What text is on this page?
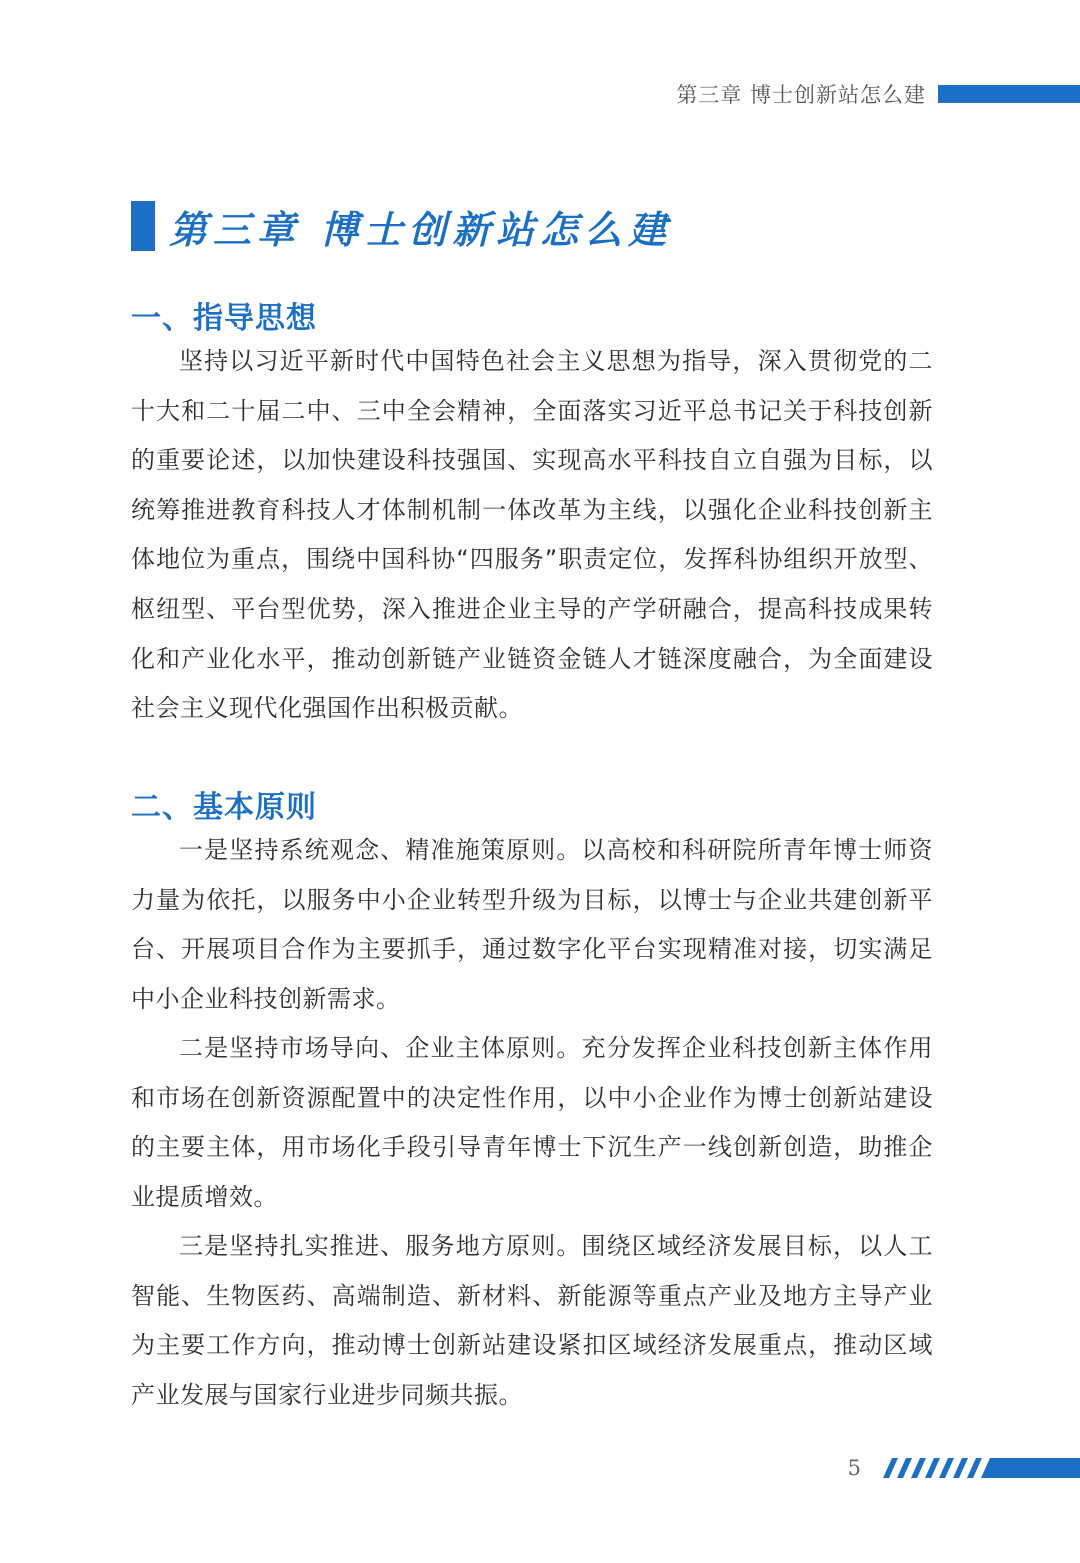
第三章 博士创新站怎么建
第三章 博士创新站怎么建
一、指导思想

坚持以习近平新时代中国特色社会主义思想为指导，深入贯彻党的二十大和二十届二中、三中全会精神，全面落实习近平总书记关于科技创新的重要论述，以加快建设科技强国、实现高水平科技自立自强为目标，以统筹推进教育科技人才体制机制一体改革为主线，以强化企业科技创新主体地位为重点，围绕中国科协“四服务”职责定位，发挥科协组织开放型、枢纽型、平台型优势，深入推进企业主导的产学研融合，提高科技成果转化和产业化水平，推动创新链产业链资金链人才链深度融合，为全面建设社会主义现代化强国作出积极贡献。

二、基本原则

一是坚持系统观念、精准施策原则。以高校和科研院所青年博士师资力量为依托，以服务中小企业转型升级为目标，以博士与企业共建创新平台、开展项目合作为主要抓手，通过数字化平台实现精准对接，切实满足中小企业科技创新需求。

二是坚持市场导向、企业主体原则。充分发挥企业科技创新主体作用和市场在创新资源配置中的决定性作用，以中小企业作为博士创新站建设的主要主体，用市场化手段引导青年博士下沉生产一线创新创造，助推企业提质增效。

三是坚持扎实推进、服务地方原则。围绕区域经济发展目标，以人工智能、生物医药、高端制造、新材料、新能源等重点产业及地方主导产业为主要工作方向，推动博士创新站建设紧扣区域经济发展重点，推动区域产业发展与国家行业进步同频共振。

5
